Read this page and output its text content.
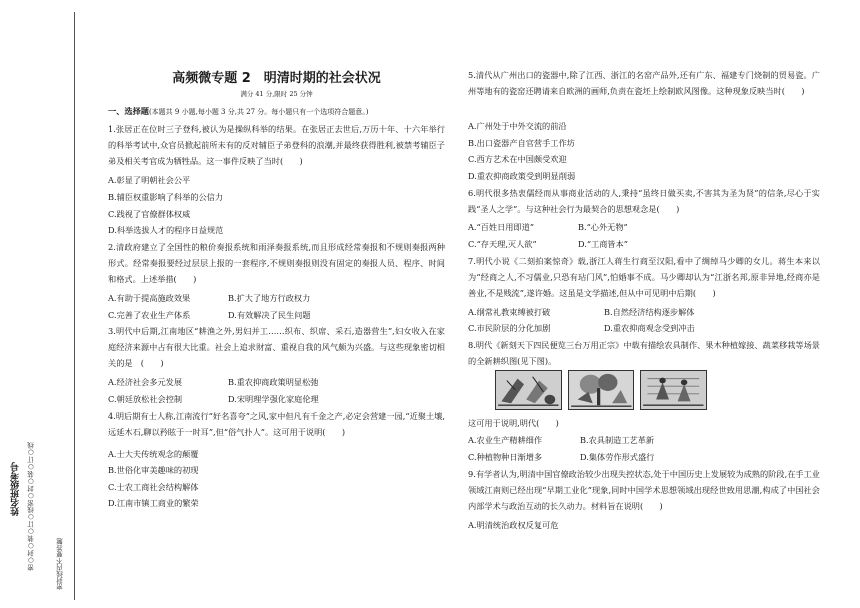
姓名班级考号 密○封○装○订○线密○封○装○订○线	密封线内不要答题
高频微专题 2　明清时期的社会状况
满分 41 分,限时 25 分钟
一、选择题(本题共 9 小题,每小题 3 分,共 27 分。每小题只有一个选项符合题意。)

1.张居正在位时三子登科,被认为是操纵科举的结果。在张居正去世后,万历十年、十六年举行的科举考试中,众官员掀起前所未有的反对辅臣子弟登科的浪潮,并最终获得胜利,被禁考辅臣子弟及相关考官成为牺牲品。这一事件反映了当时(　　)

A.彰显了明朝社会公平
B.辅臣权重影响了科举的公信力
C.践视了官僚群体权威
D.科举选拔人才的程序日益规范

2.清政府建立了全国性的粮价奏报系统和雨泽奏报系统,而且形成经常奏报和不规则奏报两种形式。经常奏报要经过层层上报的一套程序,不规则奏报则没有固定的奏报人员、程序、时间和格式。上述举措(　　)

A.有助于提高施政效果	B.扩大了地方行政权力
C.完善了农业生产体系	D.有效解决了民生问题

3.明代中后期,江南地区“耕渔之外,男妇并工……织布、织席、采石,造器营生”,妇女收入在家庭经济来源中占有很大比重。社会上追求财富、重视自我的风气颇为兴盛。与这些现象密切相关的是　(　　)

A.经济社会多元发展	B.重农抑商政策明显松弛
C.朝廷放松社会控制	D.宋明理学强化家庭伦理

4.明后期有士人称,江南流行“好名喜夸”之风,家中但凡有千金之产,必定会营建一园,“近聚土壤,远延木石,聊以矜眩于一时耳”,但“俗气扑人”。这可用于说明(　　)

A.士大夫传统观念的颠覆
B.世俗化审美趣味的初现
C.士农工商社会结构解体
D.江南市镇工商业的繁荣

5.清代从广州出口的瓷器中,除了江西、浙江的名窑产品外,还有广东、福建专门烧制的贸易瓷。广州等地有的瓷窑还聘请来自欧洲的画师,负责在瓷坯上绘制欧风图像。这种现象反映当时(　　)

A.广州处于中外交流的前沿
B.出口瓷器产自官营手工作坊
C.西方艺术在中国颇受欢迎
D.重农抑商政策受到明显削弱

6.明代很多热衷儒经而从事商业活动的人,秉持“虽终日做买卖,不害其为圣为贤”的信条,尽心于实践“圣人之学”。与这种社会行为最契合的思想观念是(　　)

A.“百姓日用即道”	B.“心外无物”
C.“存天理,灭人欲”	D.“工商皆本”

7.明代小说《二刻拍案惊奇》载,浙江人蒋生行商至汉阳,看中了绸绰马少卿的女儿。蒋生本来以为“经商之人,不习儒业,只恐有玷门风”,怕婚事不成。马少卿却认为“江浙名邦,原非异地,经商亦是善业,不是贱流”,遂许婚。这虽是文学描述,但从中可见明中后期(　　)

A.纲常礼教束缚被打破	B.自然经济结构逐步解体
C.市民阶层的分化加剧	D.重农抑商观念受到冲击

8.明代《新刻天下四民便览三台万用正宗》中载有描绘农具制作、果木种植嫁接、蔬菜移栽等场景的全新耕织图(见下图)。

这可用于说明,明代(　　)
A.农业生产精耕细作	B.农具制造工艺革新
C.种植物种日渐增多	D.集体劳作形式盛行

9.有学者认为,明清中国官僚政治较少出现失控状态,处于中国历史上发展较为成熟的阶段,在手工业领域江南则已经出现“早期工业化”现象,同时中国学术思想领域出现经世致用思潮,构成了中国社会内部学术与政治互动的长久动力。材料旨在说明(　　)

A.明清统治政权反复可危
